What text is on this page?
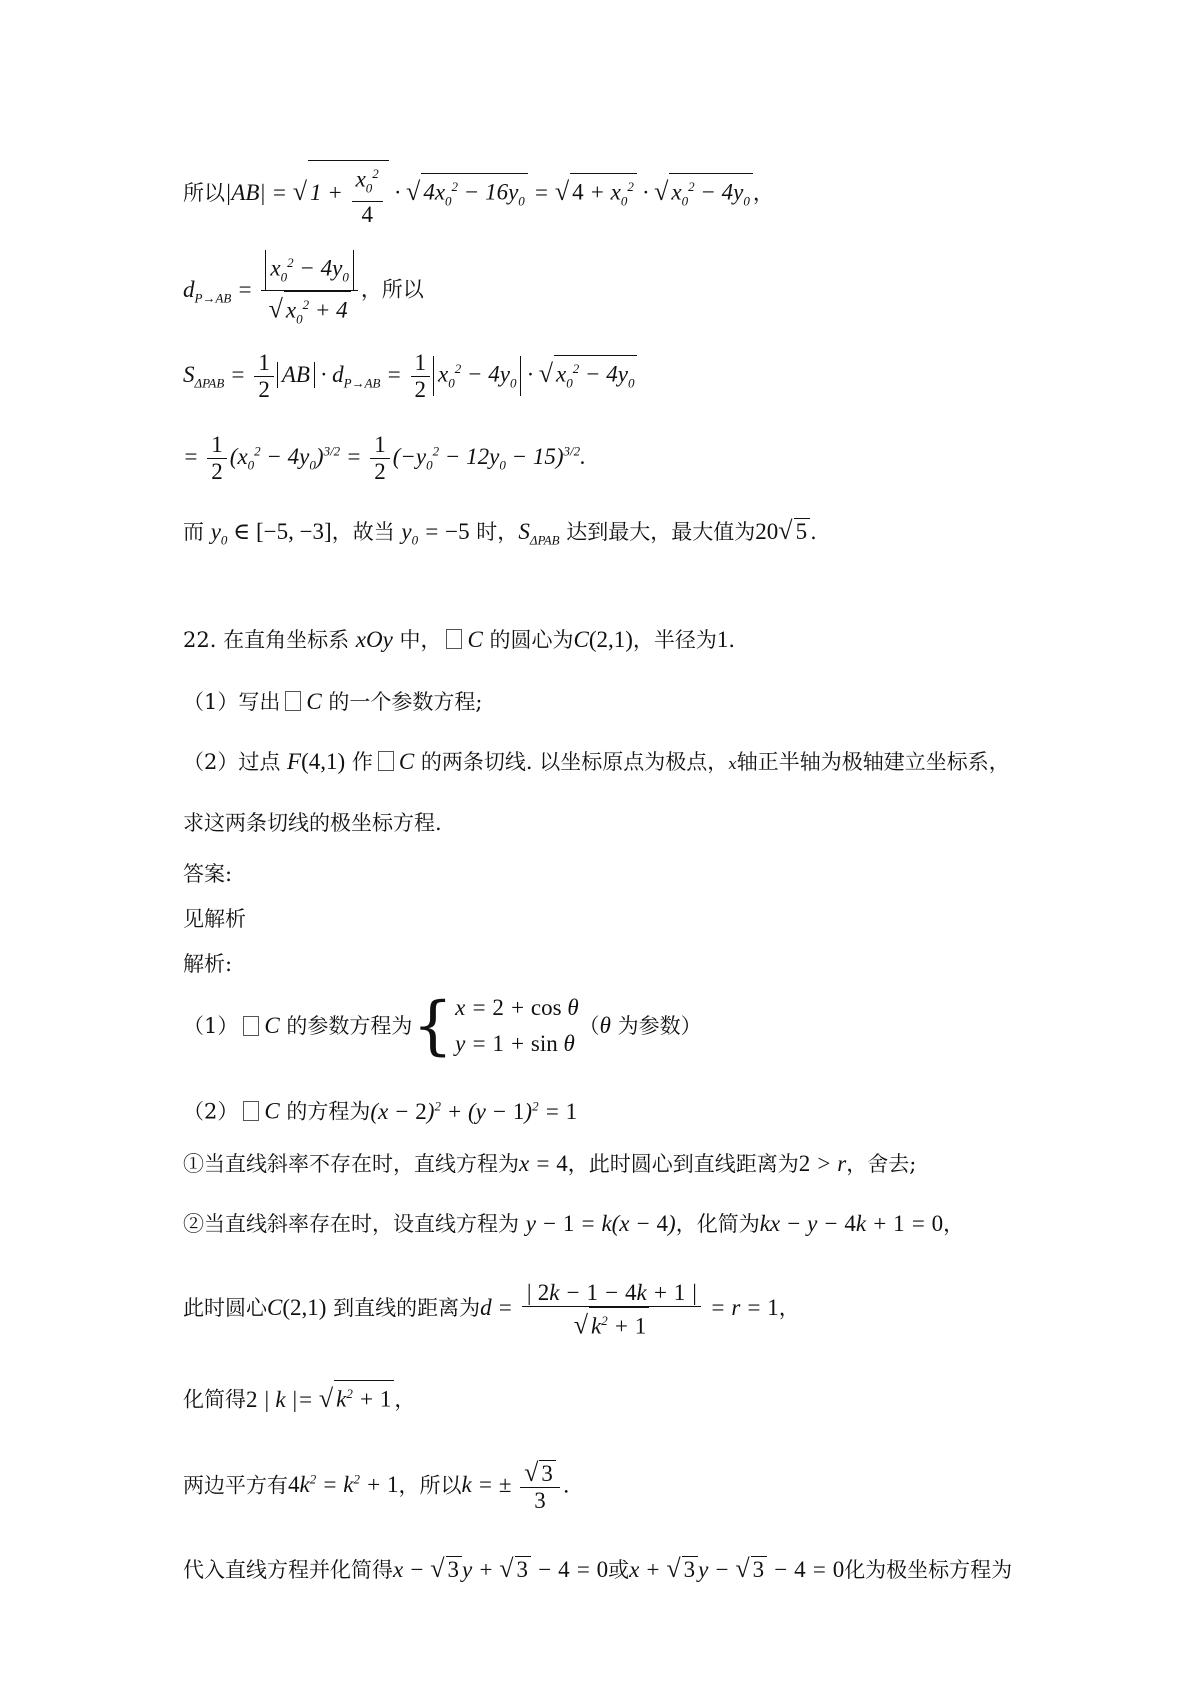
所以|AB| = √ $1 + \frac{x_0^2}{4}$ · √ $4x_0^2 - 16y_0$ = √ $4 + x_0^2$ · √ $x_0^2 - 4y_0$ ，
$d_{P\to AB} = \frac{x_0^2 - 4y_0}{√ x_0^2 + 4}$ ，所以
$S_{\Delta PAB} = \frac{1}{2}$ AB · $d_{P\to AB} = \frac{1}{2} x_0^2 - 4y_0$ · √ $x_0^2 - 4y_0$
= $\frac{1}{2} (x_0^2 - 4y_0)^{3/2} = \frac{1}{2} (-y_0^2 - 12y_0 - 15)^{3/2}$.
而 $y_0$ ∈ [−5, −3]，故当 $y_0 = -5$ 时，$S_{\Delta PAB}$ 达到最大，最大值为20√ 5 .
22. 在直角坐标系 xOy 中， C 的圆心为C(2,1)，半径为1.
（1）写出 C 的一个参数方程;
（2）过点 F(4,1) 作 C 的两条切线. 以坐标原点为极点，x轴正半轴为极轴建立坐标系，
求这两条切线的极坐标方程.
答案:
见解析
解析:
（1） C 的参数方程为{ x = 2 + cos θ
y = 1 + sin θ
（θ 为参数）
（2） C 的方程为$(x - 2)^2 + (y - 1)^2 = 1$
①当直线斜率不存在时，直线方程为x = 4，此时圆心到直线距离为2 > r，舍去;
②当直线斜率存在时，设直线方程为 y − 1 = k(x − 4)，化简为kx − y − 4k + 1 = 0，
此时圆心C(2,1) 到直线的距离为$d = \frac{| 2k - 1 - 4k + 1 |}{√ k^2 + 1} = r = 1$，
化简得2 | k |= √ $k^2 + 1$ ，
两边平方有$4k^2 = k^2 + 1$，所以k = ± $\frac{√ 3}{3}$ .
代入直线方程并化简得x − √ 3 y + √ 3 − 4 = 0或x + √ 3 y − √ 3 − 4 = 0化为极坐标方程为
